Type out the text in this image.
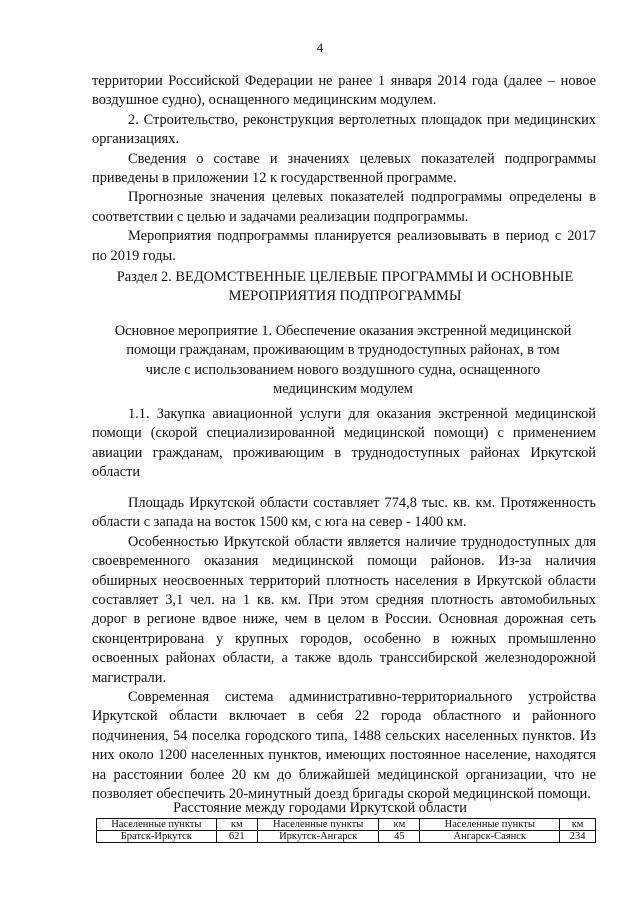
4

территории Российской Федерации не ранее 1 января 2014 года (далее – новое воздушное судно), оснащенного медицинским модулем.

2. Строительство, реконструкция вертолетных площадок при медицинских организациях.

Сведения о составе и значениях целевых показателей подпрограммы приведены в приложении 12 к государственной программе.

Прогнозные значения целевых показателей подпрограммы определены в соответствии с целью и задачами реализации подпрограммы.

Мероприятия подпрограммы планируется реализовывать в период с 2017 по 2019 годы.

Раздел 2. ВЕДОМСТВЕННЫЕ ЦЕЛЕВЫЕ ПРОГРАММЫ И ОСНОВНЫЕ МЕРОПРИЯТИЯ ПОДПРОГРАММЫ
Основное мероприятие 1. Обеспечение оказания экстренной медицинской помощи гражданам, проживающим в труднодоступных районах, в том числе с использованием нового воздушного судна, оснащенного медицинским модулем
1.1. Закупка авиационной услуги для оказания экстренной медицинской помощи (скорой специализированной медицинской помощи) с применением авиации гражданам, проживающим в труднодоступных районах Иркутской области

Площадь Иркутской области составляет 774,8 тыс. кв. км. Протяженность области с запада на восток 1500 км, с юга на север - 1400 км.

Особенностью Иркутской области является наличие труднодоступных для своевременного оказания медицинской помощи районов. Из-за наличия обширных неосвоенных территорий плотность населения в Иркутской области составляет 3,1 чел. на 1 кв. км. При этом средняя плотность автомобильных дорог в регионе вдвое ниже, чем в целом в России. Основная дорожная сеть сконцентрирована у крупных городов, особенно в южных промышленно освоенных районах области, а также вдоль транссибирской железнодорожной магистрали.

Современная система административно-территориального устройства Иркутской области включает в себя 22 города областного и районного подчинения, 54 поселка городского типа, 1488 сельских населенных пунктов. Из них около 1200 населенных пунктов, имеющих постоянное население, находятся на расстоянии более 20 км до ближайшей медицинской организации, что не позволяет обеспечить 20-минутный доезд бригады скорой медицинской помощи.

Расстояние между городами Иркутской области
Населенные пункты	км	Населенные пункты	км	Населенные пункты	км
Братск-Иркутск	621	Иркутск-Ангарск	45	Ангарск-Саянск	234
